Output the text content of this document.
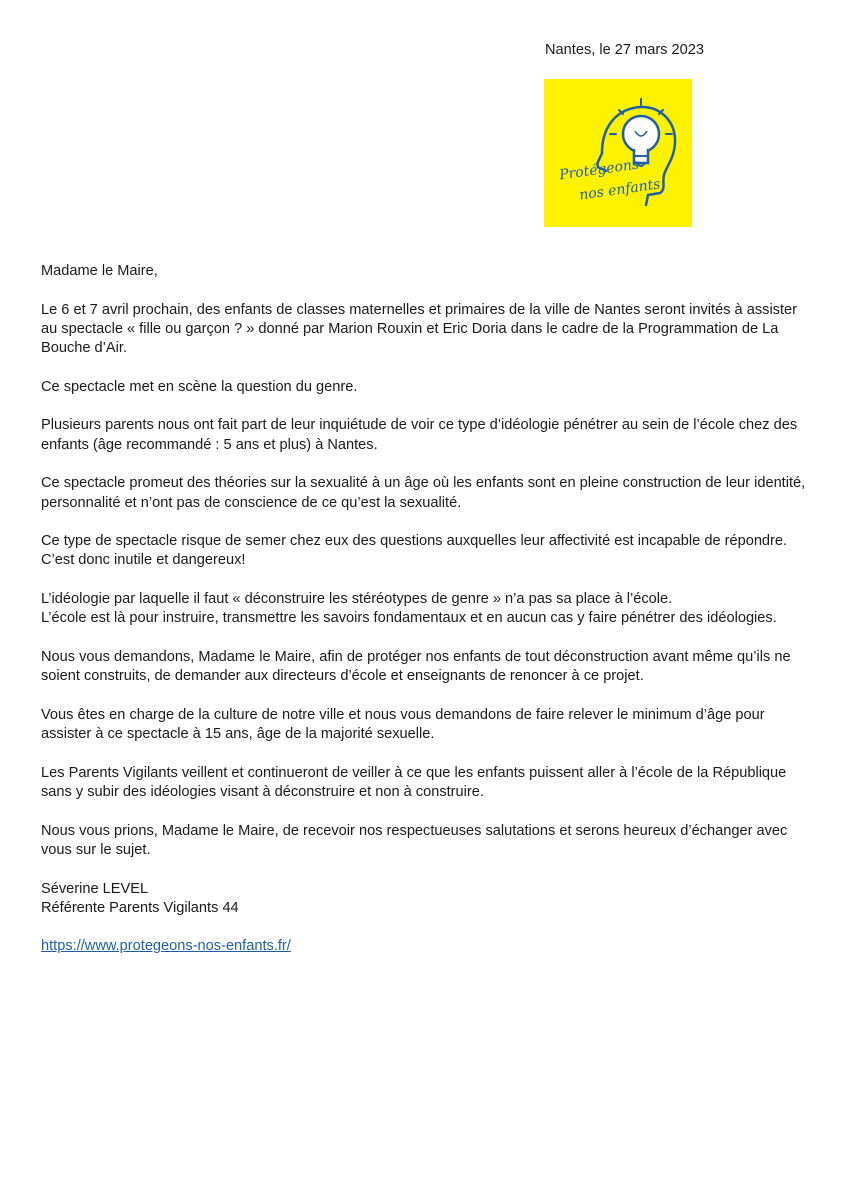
Nantes, le 27 mars 2023
Protégeons
nos enfants

Madame le Maire,

Le 6 et 7 avril prochain, des enfants de classes maternelles et primaires de la ville de Nantes seront invités à assister au spectacle « fille ou garçon ? » donné par Marion Rouxin et Eric Doria dans le cadre de la Programmation de La Bouche d’Air.

Ce spectacle met en scène la question du genre.

Plusieurs parents nous ont fait part de leur inquiétude de voir ce type d’idéologie pénétrer au sein de l’école chez des enfants (âge recommandé : 5 ans et plus) à Nantes.

Ce spectacle promeut des théories sur la sexualité à un âge où les enfants sont en pleine construction de leur identité, personnalité et n’ont pas de conscience de ce qu’est la sexualité.

Ce type de spectacle risque de semer chez eux des questions auxquelles leur affectivité est incapable de répondre. C’est donc inutile et dangereux!

L’idéologie par laquelle il faut « déconstruire les stéréotypes de genre » n’a pas sa place à l’école.

L’école est là pour instruire, transmettre les savoirs fondamentaux et en aucun cas y faire pénétrer des idéologies.

Nous vous demandons, Madame le Maire, afin de protéger nos enfants de tout déconstruction avant même qu’ils ne soient construits, de demander aux directeurs d’école et enseignants de renoncer à ce projet.

Vous êtes en charge de la culture de notre ville et nous vous demandons de faire relever le minimum d’âge pour assister à ce spectacle à 15 ans, âge de la majorité sexuelle.

Les Parents Vigilants veillent et continueront de veiller à ce que les enfants puissent aller à l’école de la République sans y subir des idéologies visant à déconstruire et non à construire.

Nous vous prions, Madame le Maire, de recevoir nos respectueuses salutations et serons heureux d’échanger avec vous sur le sujet.

Séverine LEVEL

Référente Parents Vigilants 44

https://www.protegeons-nos-enfants.fr/
